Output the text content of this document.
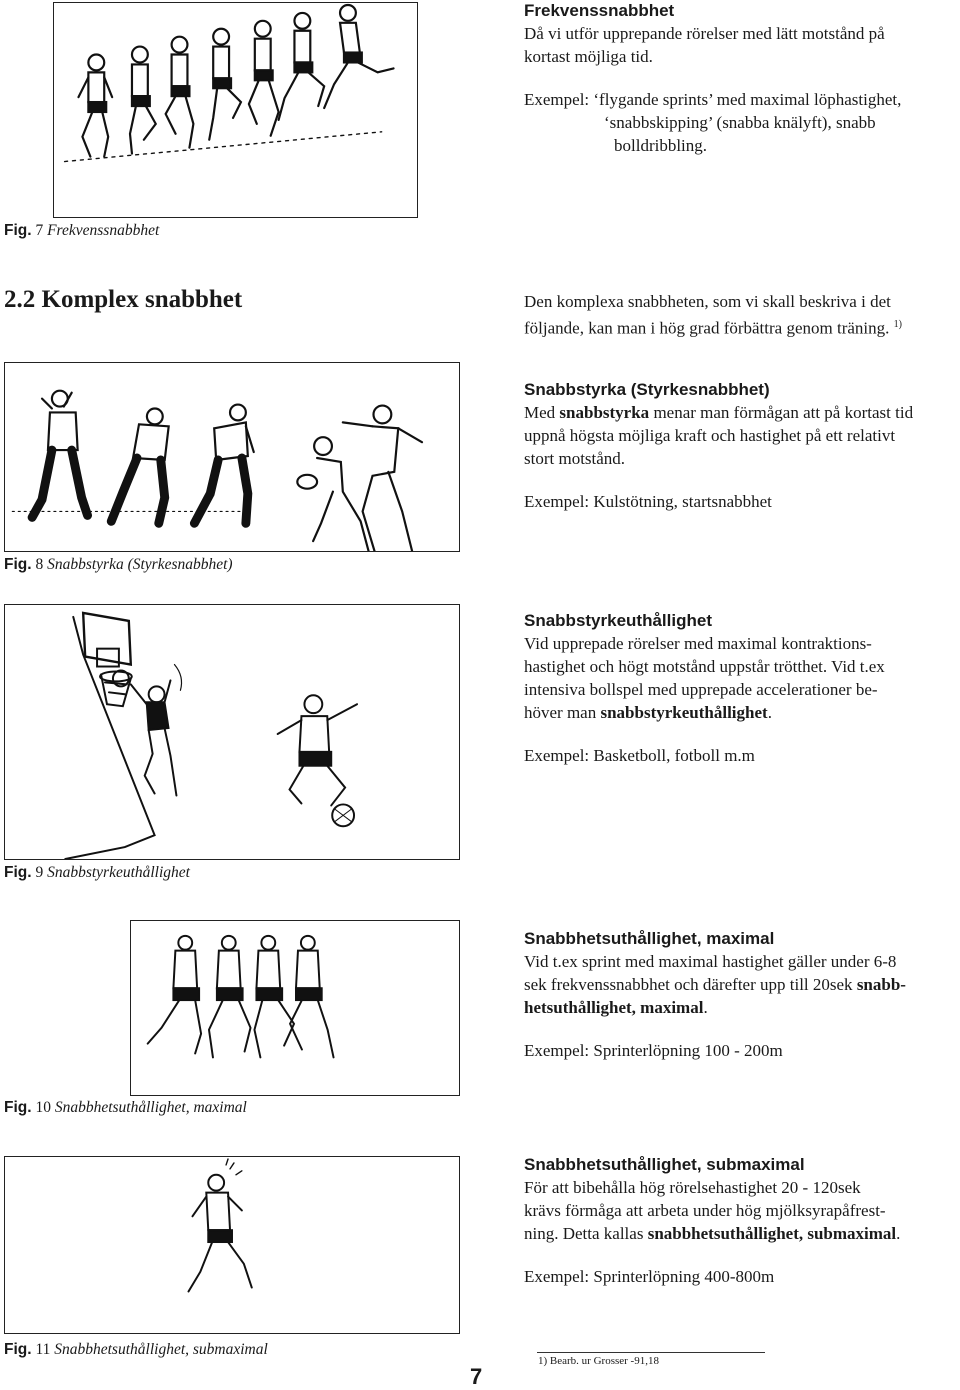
Frekvenssnabbhet
Då vi utför upprepande rörelser med lätt motstånd på
kortast möjliga tid.
Exempel: ‘flygande sprints’ med maximal löphastighet,
‘snabbskipping’ (snabba knälyft), snabb
bolldribbling.
Fig. 7 Frekvenssnabbhet
2.2 Komplex snabbhet	Den komplexa snabbheten, som vi skall beskriva i det
följande, kan man i hög grad förbättra genom träning. $^{1)}$
Snabbstyrka (Styrkesnabbhet)
Med snabbstyrka menar man förmågan att på kortast tid
uppnå högsta möjliga kraft och hastighet på ett relativt
stort motstånd.
Exempel: Kulstötning, startsnabbhet
Fig. 8 Snabbstyrka (Styrkesnabbhet)
Snabbstyrkeuthållighet
Vid upprepade rörelser med maximal kontraktions-
hastighet och högt motstånd uppstår trötthet. Vid t.ex
intensiva bollspel med upprepade accelerationer be-
höver man snabbstyrkeuthållighet.
Exempel: Basketboll, fotboll m.m
Fig. 9 Snabbstyrkeuthållighet
Snabbhetsuthållighet, maximal
Vid t.ex sprint med maximal hastighet gäller under 6-8
sek frekvenssnabbhet och därefter upp till 20sek snabb-
hetsuthållighet, maximal.
Exempel: Sprinterlöpning 100 - 200m
Fig. 10 Snabbhetsuthållighet, maximal
Snabbhetsuthållighet, submaximal
För att bibehålla hög rörelsehastighet 20 - 120sek
krävs förmåga att arbeta under hög mjölksyrapåfrest-
ning. Detta kallas snabbhetsuthållighet, submaximal.
Exempel: Sprinterlöpning 400-800m
Fig. 11 Snabbhetsuthållighet, submaximal
1) Bearb. ur Grosser -91,18
7
